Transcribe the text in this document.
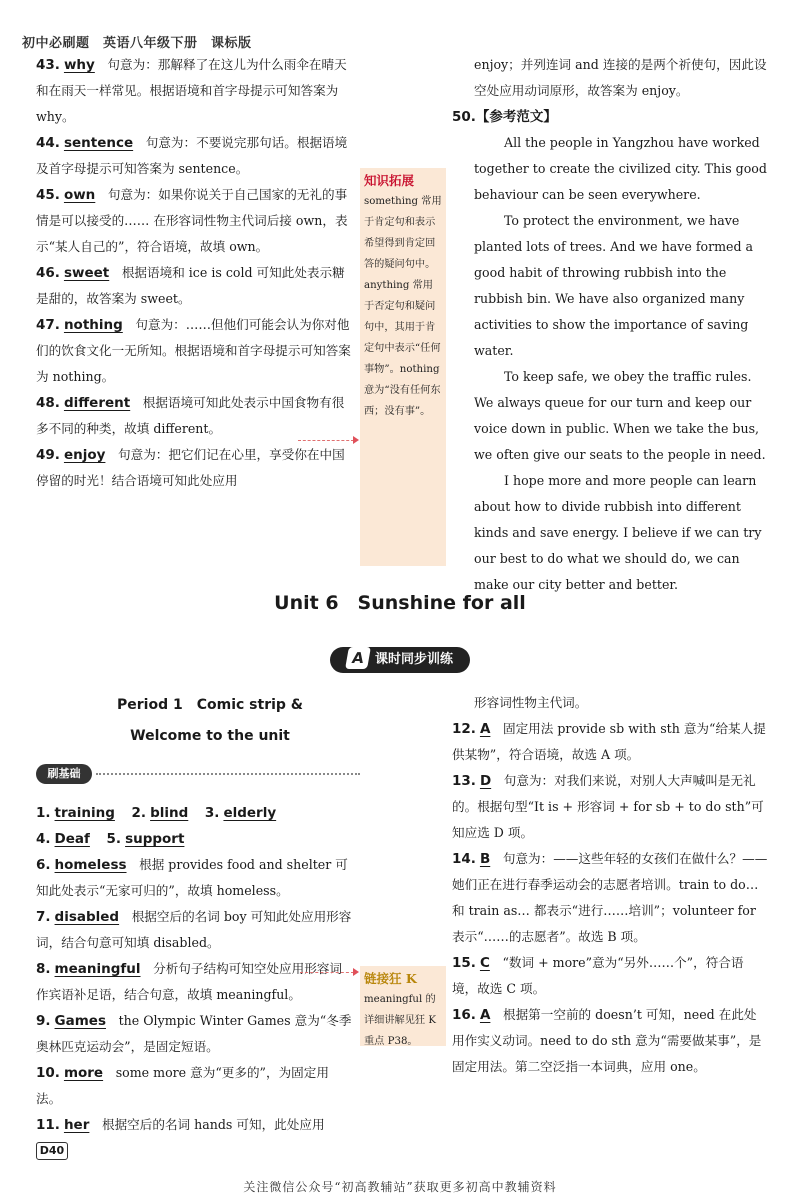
初中必刷题　英语八年级下册　课标版

43. why　 句意为：那解释了在这儿为什么雨伞在晴天和在雨天一样常见。根据语境和首字母提示可知答案为 why。

44. sentence　 句意为：不要说完那句话。根据语境及首字母提示可知答案为 sentence。

45. own　 句意为：如果你说关于自己国家的无礼的事情是可以接受的…… 在形容词性物主代词后接 own，表示“某人自己的”，符合语境，故填 own。

46. sweet　 根据语境和 ice is cold 可知此处表示糖是甜的，故答案为 sweet。

47. nothing　 句意为：……但他们可能会认为你对他们的饮食文化一无所知。根据语境和首字母提示可知答案为 nothing。

48. different　 根据语境可知此处表示中国食物有很多不同的种类，故填 different。

49. enjoy　 句意为：把它们记在心里，享受你在中国停留的时光！结合语境可知此处应用

知识拓展
something 常用于肯定句和表示希望得到肯定回答的疑问句中。anything 常用于否定句和疑问句中，其用于肯定句中表示“任何事物”。nothing 意为“没有任何东西；没有事”。
enjoy；并列连词 and 连接的是两个祈使句，因此设空处应用动词原形，故答案为 enjoy。
50.【参考范文】

All the people in Yangzhou have worked together to create the civilized city. This good behaviour can be seen everywhere.

To protect the environment, we have planted lots of trees. And we have formed a good habit of throwing rubbish into the rubbish bin. We have also organized many activities to show the importance of saving water.

To keep safe, we obey the traffic rules. We always queue for our turn and keep our voice down in public. When we take the bus, we often give our seats to the people in need.

I hope more and more people can learn about how to divide rubbish into different kinds and save energy. I believe if we can try our best to do what we should do, we can make our city better and better.

Unit 6　Sunshine for all
A 课时同步训练
Period 1　Comic strip &
Welcome to the unit
刷基础

1. training　 2. blind　 3. elderly

4. Deaf　 5. support

6. homeless　 根据 provides food and shelter 可知此处表示“无家可归的”，故填 homeless。

7. disabled　 根据空后的名词 boy 可知此处应用形容词，结合句意可知填 disabled。

8. meaningful　 分析句子结构可知空处应用形容词作宾语补足语，结合句意，故填 meaningful。

9. Games　 the Olympic Winter Games 意为“冬季奥林匹克运动会”，是固定短语。

10. more　 some more 意为“更多的”，为固定用法。

11. her　 根据空后的名词 hands 可知，此处应用

链接狂 K
meaningful 的详细讲解见狂 K 重点 P38。
形容词性物主代词。

12. A　 固定用法 provide sb with sth 意为“给某人提供某物”，符合语境，故选 A 项。

13. D　 句意为：对我们来说，对别人大声喊叫是无礼的。根据句型“It is + 形容词 + for sb + to do sth”可知应选 D 项。

14. B　 句意为：——这些年轻的女孩们在做什么？——她们正在进行春季运动会的志愿者培训。train to do… 和 train as… 都表示“进行……培训”；volunteer for 表示“……的志愿者”。故选 B 项。

15. C　 “数词 + more”意为“另外……个”，符合语境，故选 C 项。

16. A　 根据第一空前的 doesn’t 可知，need 在此处用作实义动词。need to do sth 意为“需要做某事”，是固定用法。第二空泛指一本词典，应用 one。

D40
关注微信公众号“初高教辅站”获取更多初高中教辅资料
